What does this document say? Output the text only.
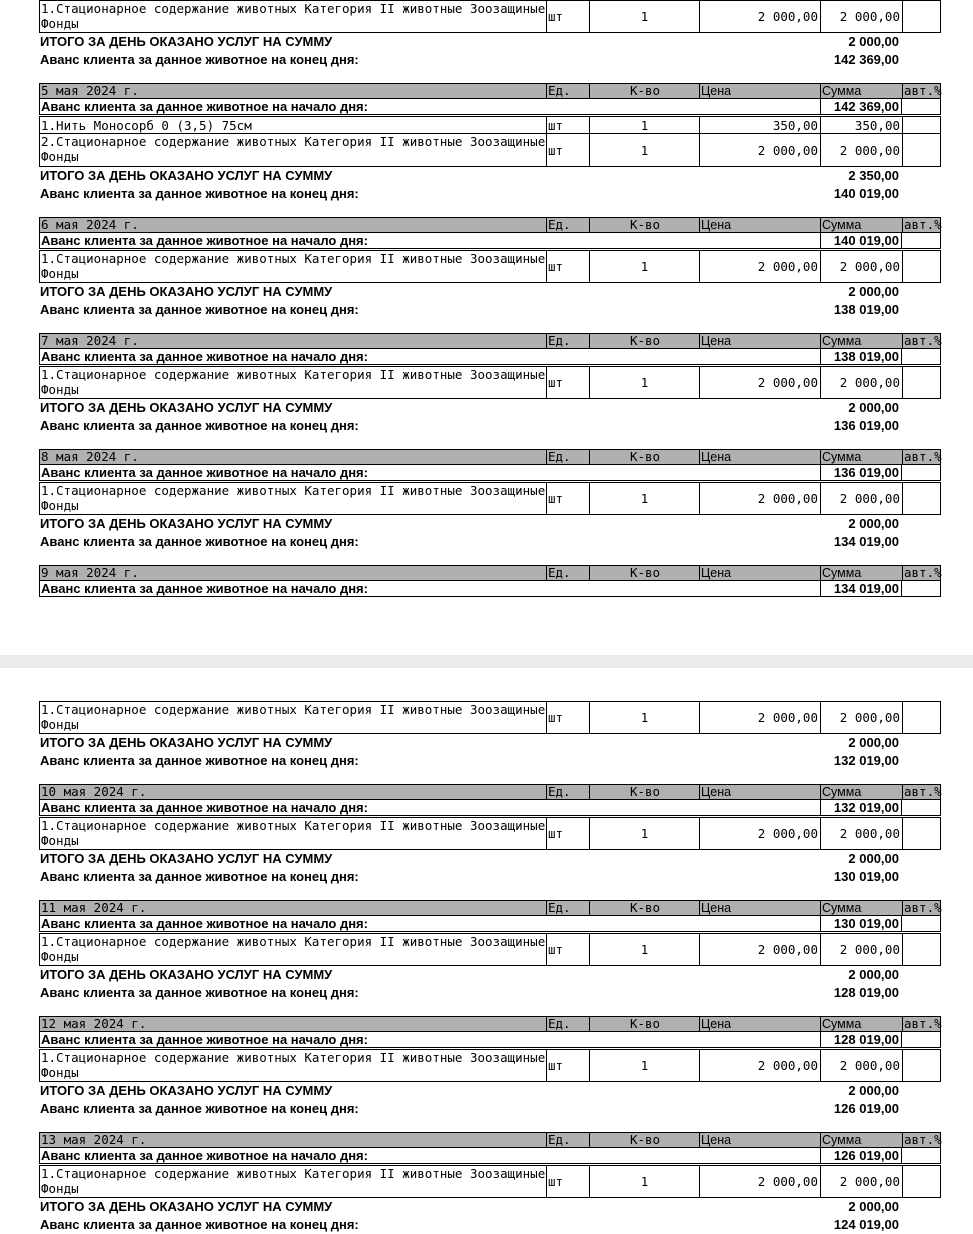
1.Стационарное содержание животных Категория II животные Зоозащиные Фонды	шт	1	2 000,00	2 000,00
ИТОГО ЗА ДЕНЬ ОКАЗАНО УСЛУГ НА СУММУ	2 000,00
Аванс клиента за данное животное на конец дня:	142 369,00
5 мая 2024 г.	Ед.	К-во	Цена	Сумма	авт.%
Аванс клиента за данное животное на начало дня:	142 369,00
1.Нить Моносорб 0 (3,5) 75см	шт	1	350,00	350,00
2.Стационарное содержание животных Категория II животные Зоозащиные Фонды	шт	1	2 000,00	2 000,00
ИТОГО ЗА ДЕНЬ ОКАЗАНО УСЛУГ НА СУММУ	2 350,00
Аванс клиента за данное животное на конец дня:	140 019,00
6 мая 2024 г.	Ед.	К-во	Цена	Сумма	авт.%
Аванс клиента за данное животное на начало дня:	140 019,00
1.Стационарное содержание животных Категория II животные Зоозащиные Фонды	шт	1	2 000,00	2 000,00
ИТОГО ЗА ДЕНЬ ОКАЗАНО УСЛУГ НА СУММУ	2 000,00
Аванс клиента за данное животное на конец дня:	138 019,00
7 мая 2024 г.	Ед.	К-во	Цена	Сумма	авт.%
Аванс клиента за данное животное на начало дня:	138 019,00
1.Стационарное содержание животных Категория II животные Зоозащиные Фонды	шт	1	2 000,00	2 000,00
ИТОГО ЗА ДЕНЬ ОКАЗАНО УСЛУГ НА СУММУ	2 000,00
Аванс клиента за данное животное на конец дня:	136 019,00
8 мая 2024 г.	Ед.	К-во	Цена	Сумма	авт.%
Аванс клиента за данное животное на начало дня:	136 019,00
1.Стационарное содержание животных Категория II животные Зоозащиные Фонды	шт	1	2 000,00	2 000,00
ИТОГО ЗА ДЕНЬ ОКАЗАНО УСЛУГ НА СУММУ	2 000,00
Аванс клиента за данное животное на конец дня:	134 019,00
9 мая 2024 г.	Ед.	К-во	Цена	Сумма	авт.%
Аванс клиента за данное животное на начало дня:	134 019,00
1.Стационарное содержание животных Категория II животные Зоозащиные Фонды	шт	1	2 000,00	2 000,00
ИТОГО ЗА ДЕНЬ ОКАЗАНО УСЛУГ НА СУММУ	2 000,00
Аванс клиента за данное животное на конец дня:	132 019,00
10 мая 2024 г.	Ед.	К-во	Цена	Сумма	авт.%
Аванс клиента за данное животное на начало дня:	132 019,00
1.Стационарное содержание животных Категория II животные Зоозащиные Фонды	шт	1	2 000,00	2 000,00
ИТОГО ЗА ДЕНЬ ОКАЗАНО УСЛУГ НА СУММУ	2 000,00
Аванс клиента за данное животное на конец дня:	130 019,00
11 мая 2024 г.	Ед.	К-во	Цена	Сумма	авт.%
Аванс клиента за данное животное на начало дня:	130 019,00
1.Стационарное содержание животных Категория II животные Зоозащиные Фонды	шт	1	2 000,00	2 000,00
ИТОГО ЗА ДЕНЬ ОКАЗАНО УСЛУГ НА СУММУ	2 000,00
Аванс клиента за данное животное на конец дня:	128 019,00
12 мая 2024 г.	Ед.	К-во	Цена	Сумма	авт.%
Аванс клиента за данное животное на начало дня:	128 019,00
1.Стационарное содержание животных Категория II животные Зоозащиные Фонды	шт	1	2 000,00	2 000,00
ИТОГО ЗА ДЕНЬ ОКАЗАНО УСЛУГ НА СУММУ	2 000,00
Аванс клиента за данное животное на конец дня:	126 019,00
13 мая 2024 г.	Ед.	К-во	Цена	Сумма	авт.%
Аванс клиента за данное животное на начало дня:	126 019,00
1.Стационарное содержание животных Категория II животные Зоозащиные Фонды	шт	1	2 000,00	2 000,00
ИТОГО ЗА ДЕНЬ ОКАЗАНО УСЛУГ НА СУММУ	2 000,00
Аванс клиента за данное животное на конец дня:	124 019,00
